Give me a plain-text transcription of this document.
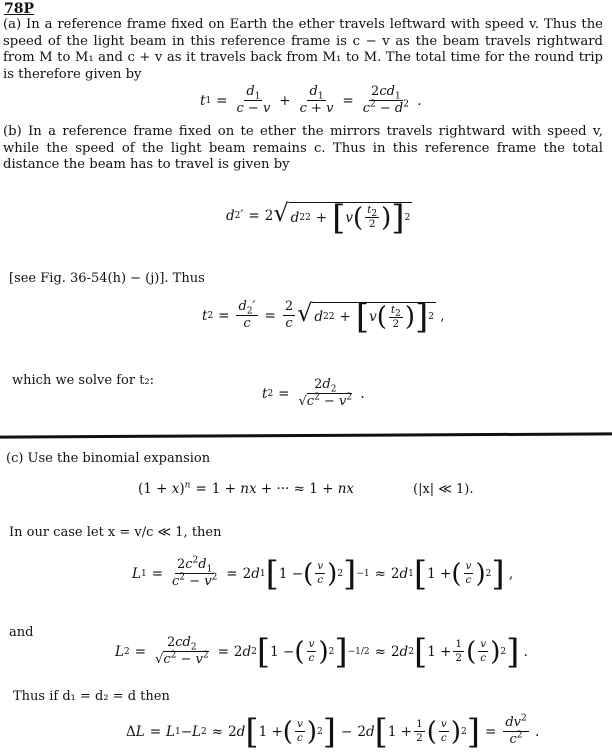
78P
(a) In a reference frame fixed on Earth the ether travels leftward with speed v. Thus the speed of the light beam in this reference frame is c − v as the beam travels rightward from M to M₁ and c + v as it travels back from M₁ to M. The total time for the round trip is therefore given by
t $1 = \frac{d_1}{c - v} + \frac{d_1}{c + v} = \frac{2cd_1}{c^2 - d^2}$ .
(b) In a reference frame fixed on te ether the mirrors travels rightward with speed v, while the speed of the light beam remains c. Thus in this reference frame the total distance the beam has to travel is given by
d 2 ′ = 2 √ d 2 2 + [ v ( $\frac{t_2}{2}$ ) ] 2
[see Fig. 36-54(h) − (j)]. Thus
t $2 = \frac{d_2'}{c} = \frac{2}{c}$ √ d 2 2 + [ v ( $\frac{t_2}{2}$ ) ] 2 ,
which we solve for t₂:
t $2 = \frac{2d_2}{√c^2 - v^2}$ .
(c) Use the binomial expansion
$(1 + x)^n = 1$ + nx + ··· ≈ 1 + nx	(|x| ≪ 1).
In our case let x = v/c ≪ 1, then
L $1 = \frac{2c^2d_1}{c^2 - v^2} = 2$ d 1 [ 1 − ( $\frac{v}{c}$ ) 2 ] −1 ≈ 2 d 1 [ 1 + ( $\frac{v}{c}$ ) 2 ] ,
and
L $2 = \frac{2cd_2}{√c^2 - v^2} = 2$ d 2 [ 1 − ( $\frac{v}{c}$ ) 2 ] −1/2 ≈ 2 d 2 [ $1 + \frac{1}{2}$ ( $\frac{v}{c}$ ) 2 ] .
Thus if d₁ = d₂ = d then
Δ L = L 1 − L 2 ≈ 2 d [ 1 + ( $\frac{v}{c}$ ) 2 ] − 2 d [ $1 + \frac{1}{2}$ ( $\frac{v}{c}$ ) 2 ] = $\frac{dv^2}{c^2}$ .
